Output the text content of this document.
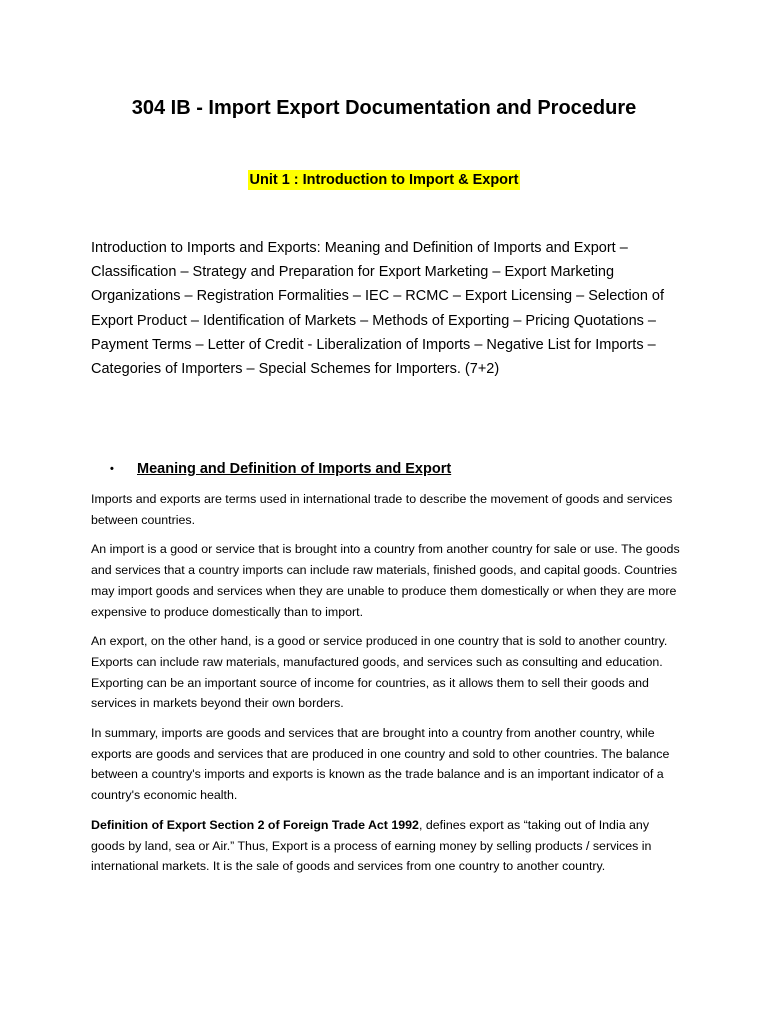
304 IB - Import Export Documentation and Procedure
Unit 1 : Introduction to Import & Export

Introduction to Imports and Exports: Meaning and Definition of Imports and Export – Classification – Strategy and Preparation for Export Marketing – Export Marketing Organizations – Registration Formalities – IEC – RCMC – Export Licensing – Selection of Export Product – Identification of Markets – Methods of Exporting – Pricing Quotations – Payment Terms – Letter of Credit - Liberalization of Imports – Negative List for Imports – Categories of Importers – Special Schemes for Importers. (7+2)

• Meaning and Definition of Imports and Export

Imports and exports are terms used in international trade to describe the movement of goods and services between countries.

An import is a good or service that is brought into a country from another country for sale or use. The goods and services that a country imports can include raw materials, finished goods, and capital goods. Countries may import goods and services when they are unable to produce them domestically or when they are more expensive to produce domestically than to import.

An export, on the other hand, is a good or service produced in one country that is sold to another country. Exports can include raw materials, manufactured goods, and services such as consulting and education. Exporting can be an important source of income for countries, as it allows them to sell their goods and services in markets beyond their own borders.

In summary, imports are goods and services that are brought into a country from another country, while exports are goods and services that are produced in one country and sold to other countries. The balance between a country's imports and exports is known as the trade balance and is an important indicator of a country's economic health.

Definition of Export Section 2 of Foreign Trade Act 1992, defines export as “taking out of India any goods by land, sea or Air.” Thus, Export is a process of earning money by selling products / services in international markets. It is the sale of goods and services from one country to another country.
